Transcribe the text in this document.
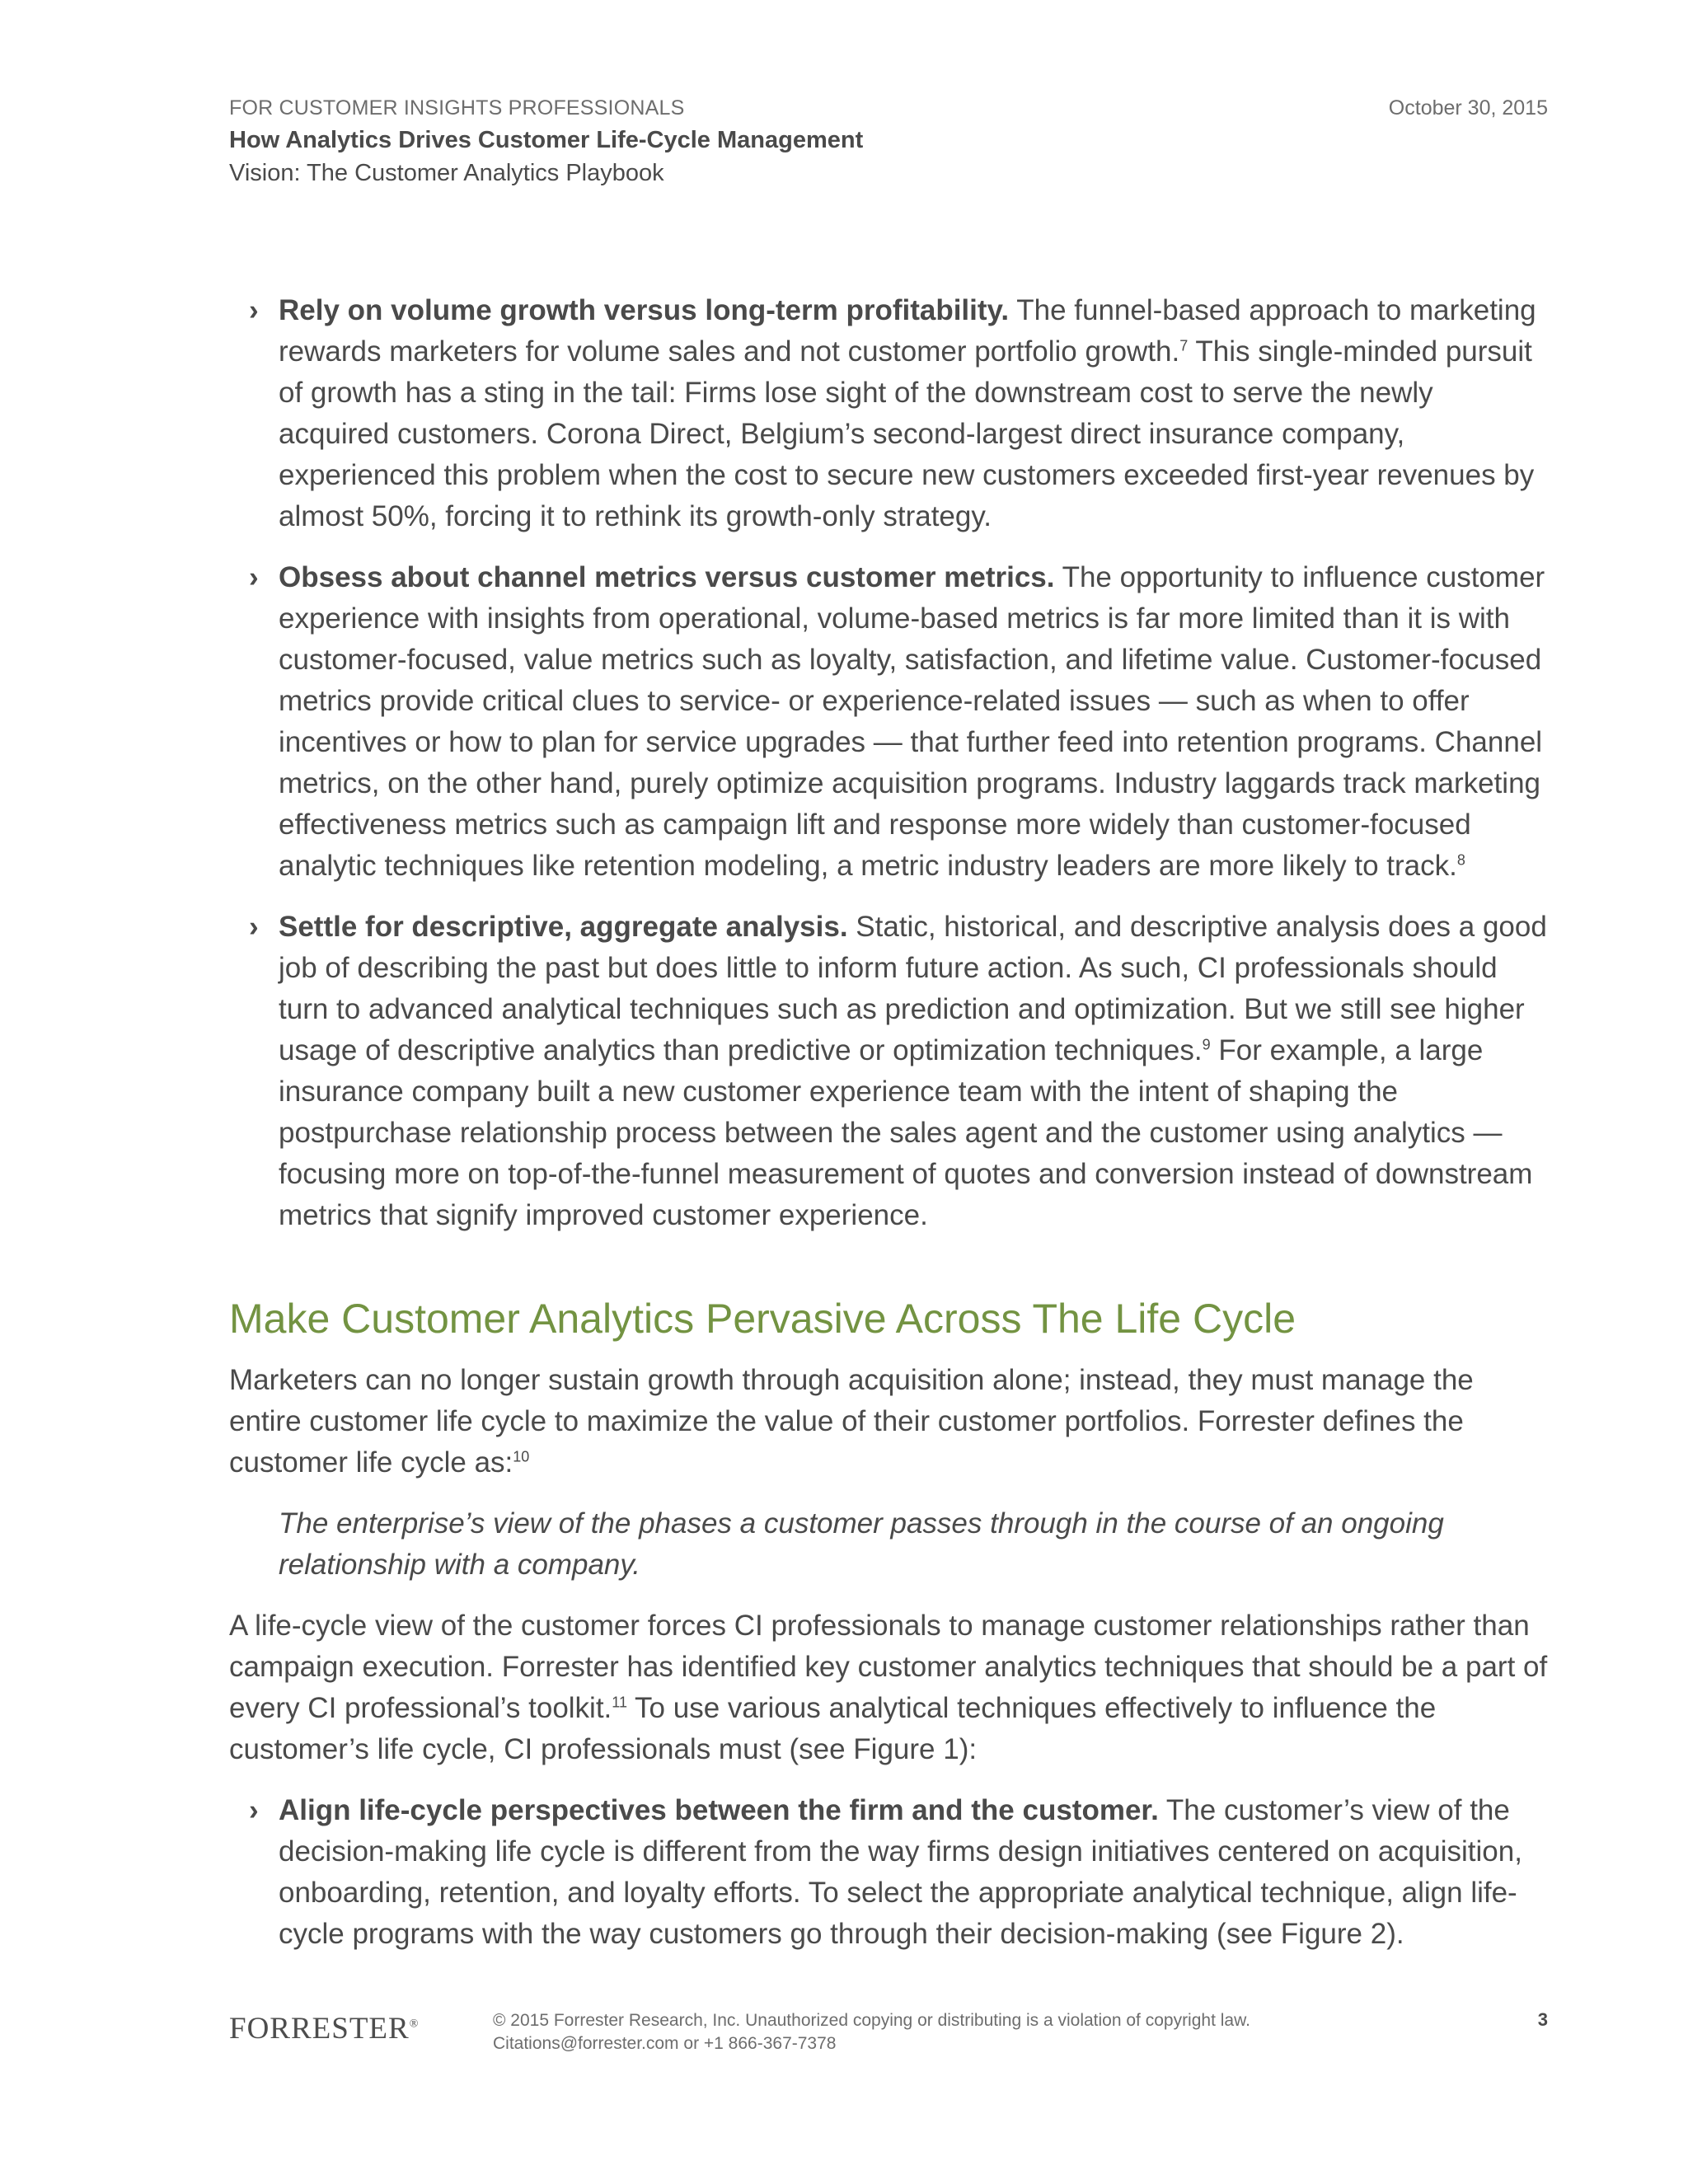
FOR CUSTOMER INSIGHTS PROFESSIONALS	October 30, 2015
How Analytics Drives Customer Life-Cycle Management
Vision: The Customer Analytics Playbook
› Rely on volume growth versus long-term profitability. The funnel-based approach to marketing rewards marketers for volume sales and not customer portfolio growth.$^7$ This single-minded pursuit of growth has a sting in the tail: Firms lose sight of the downstream cost to serve the newly acquired customers. Corona Direct, Belgium’s second-largest direct insurance company, experienced this problem when the cost to secure new customers exceeded first-year revenues by almost 50%, forcing it to rethink its growth-only strategy.
› Obsess about channel metrics versus customer metrics. The opportunity to influence customer experience with insights from operational, volume-based metrics is far more limited than it is with customer-focused, value metrics such as loyalty, satisfaction, and lifetime value. Customer-focused metrics provide critical clues to service- or experience-related issues — such as when to offer incentives or how to plan for service upgrades — that further feed into retention programs. Channel metrics, on the other hand, purely optimize acquisition programs. Industry laggards track marketing effectiveness metrics such as campaign lift and response more widely than customer-focused analytic techniques like retention modeling, a metric industry leaders are more likely to track.$^8$
› Settle for descriptive, aggregate analysis. Static, historical, and descriptive analysis does a good job of describing the past but does little to inform future action. As such, CI professionals should turn to advanced analytical techniques such as prediction and optimization. But we still see higher usage of descriptive analytics than predictive or optimization techniques.$^9$ For example, a large insurance company built a new customer experience team with the intent of shaping the postpurchase relationship process between the sales agent and the customer using analytics — focusing more on top-of-the-funnel measurement of quotes and conversion instead of downstream metrics that signify improved customer experience.
Make Customer Analytics Pervasive Across The Life Cycle

Marketers can no longer sustain growth through acquisition alone; instead, they must manage the entire customer life cycle to maximize the value of their customer portfolios. Forrester defines the customer life cycle as:$^{10}$

The enterprise’s view of the phases a customer passes through in the course of an ongoing relationship with a company.

A life-cycle view of the customer forces CI professionals to manage customer relationships rather than campaign execution. Forrester has identified key customer analytics techniques that should be a part of every CI professional’s toolkit.$^{11}$ To use various analytical techniques effectively to influence the customer’s life cycle, CI professionals must (see Figure 1):

› Align life-cycle perspectives between the firm and the customer. The customer’s view of the decision-making life cycle is different from the way firms design initiatives centered on acquisition, onboarding, retention, and loyalty efforts. To select the appropriate analytical technique, align life-cycle programs with the way customers go through their decision-making (see Figure 2).
FORRESTER®	© 2015 Forrester Research, Inc. Unauthorized copying or distributing is a violation of copyright law.
Citations@forrester.com or +1 866-367-7378
3
